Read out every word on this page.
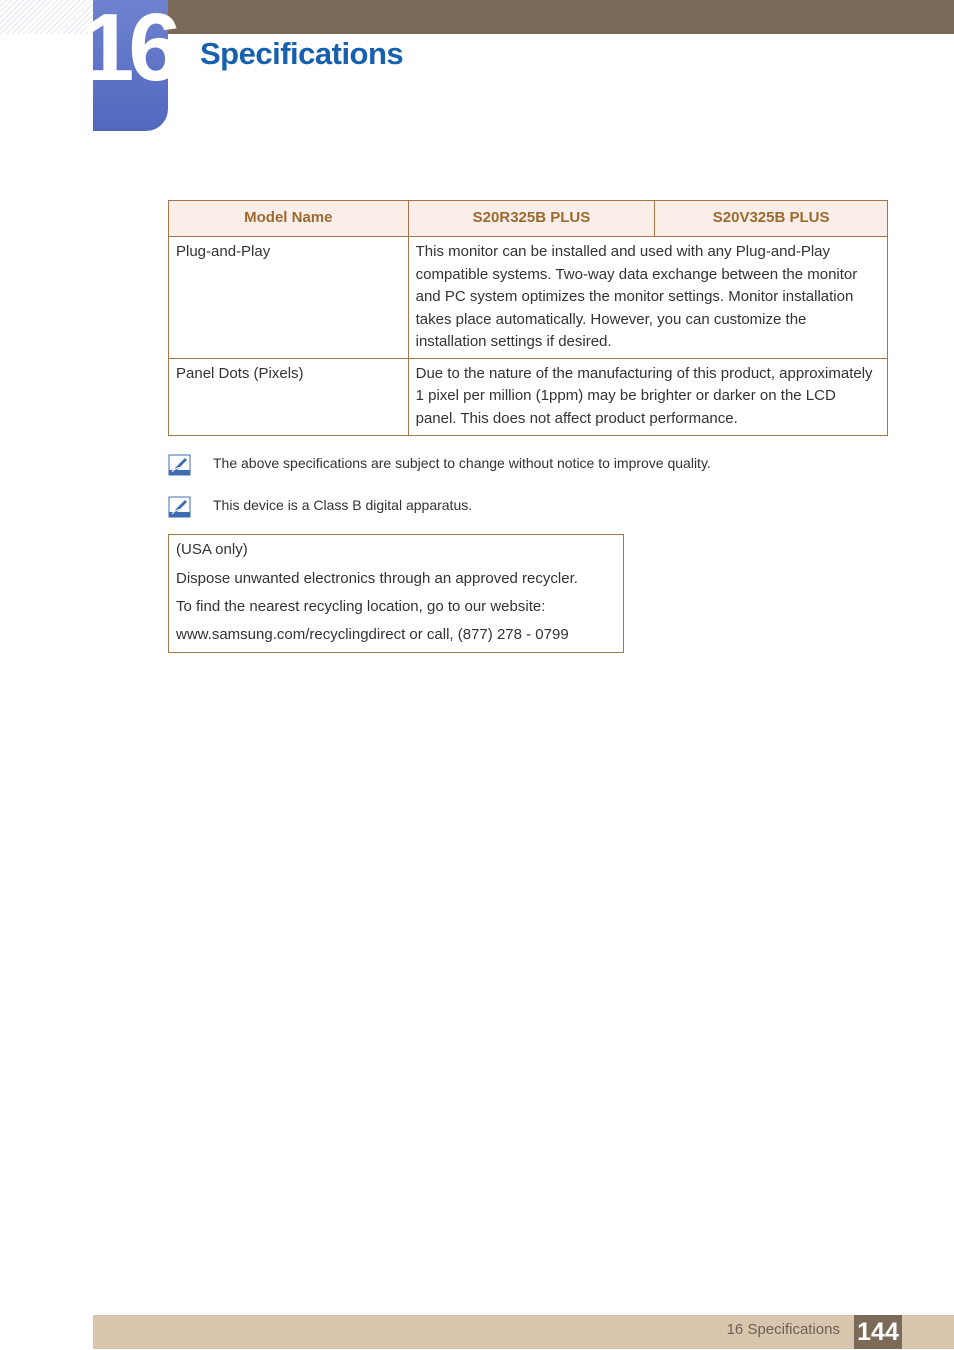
16 Specifications
Model Name	S20R325B PLUS	S20V325B PLUS
Plug-and-Play	This monitor can be installed and used with any Plug-and-Play compatible systems. Two-way data exchange between the monitor and PC system optimizes the monitor settings. Monitor installation takes place automatically. However, you can customize the installation settings if desired.	
Panel Dots (Pixels)	Due to the nature of the manufacturing of this product, approximately 1 pixel per million (1ppm) may be brighter or darker on the LCD panel. This does not affect product performance.	
The above specifications are subject to change without notice to improve quality.
This device is a Class B digital apparatus.
(USA only)
Dispose unwanted electronics through an approved recycler.
To find the nearest recycling location, go to our website:
www.samsung.com/recyclingdirect or call, (877) 278 - 0799
16 Specifications 144
